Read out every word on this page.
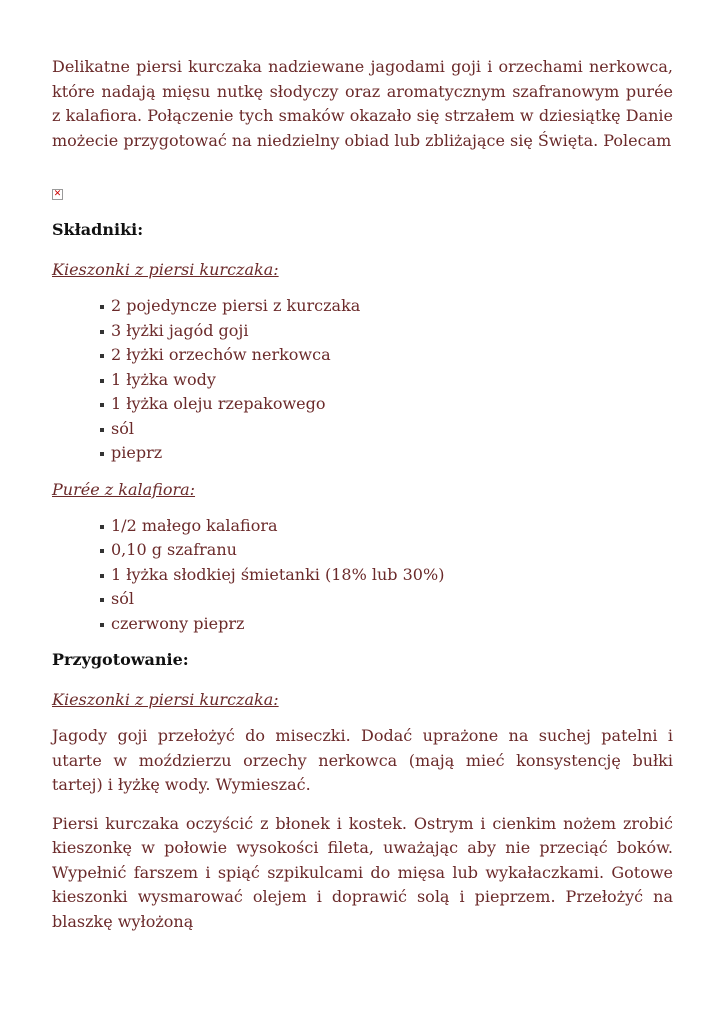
Delikatne piersi kurczaka nadziewane jagodami goji i orzechami nerkowca, które nadają mięsu nutkę słodyczy oraz aromatycznym szafranowym purée z kalafiora. Połączenie tych smaków okazało się strzałem w dziesiątkę Danie możecie przygotować na niedzielny obiad lub zbliżające się Święta. Polecam

✕
Składniki:
Kieszonki z piersi kurczaka:
2 pojedyncze piersi z kurczaka
3 łyżki jagód goji
2 łyżki orzechów nerkowca
1 łyżka wody
1 łyżka oleju rzepakowego
sól
pieprz
Purée z kalafiora:
1/2 małego kalafiora
0,10 g szafranu
1 łyżka słodkiej śmietanki (18% lub 30%)
sól
czerwony pieprz
Przygotowanie:
Kieszonki z piersi kurczaka:

Jagody goji przełożyć do miseczki. Dodać uprażone na suchej patelni i utarte w moździerzu orzechy nerkowca (mają mieć konsystencję bułki tartej) i łyżkę wody. Wymieszać.

Piersi kurczaka oczyścić z błonek i kostek. Ostrym i cienkim nożem zrobić kieszonkę w połowie wysokości fileta, uważając aby nie przeciąć boków. Wypełnić farszem i spiąć szpikulcami do mięsa lub wykałaczkami. Gotowe kieszonki wysmarować olejem i doprawić solą i pieprzem. Przełożyć na blaszkę wyłożoną
